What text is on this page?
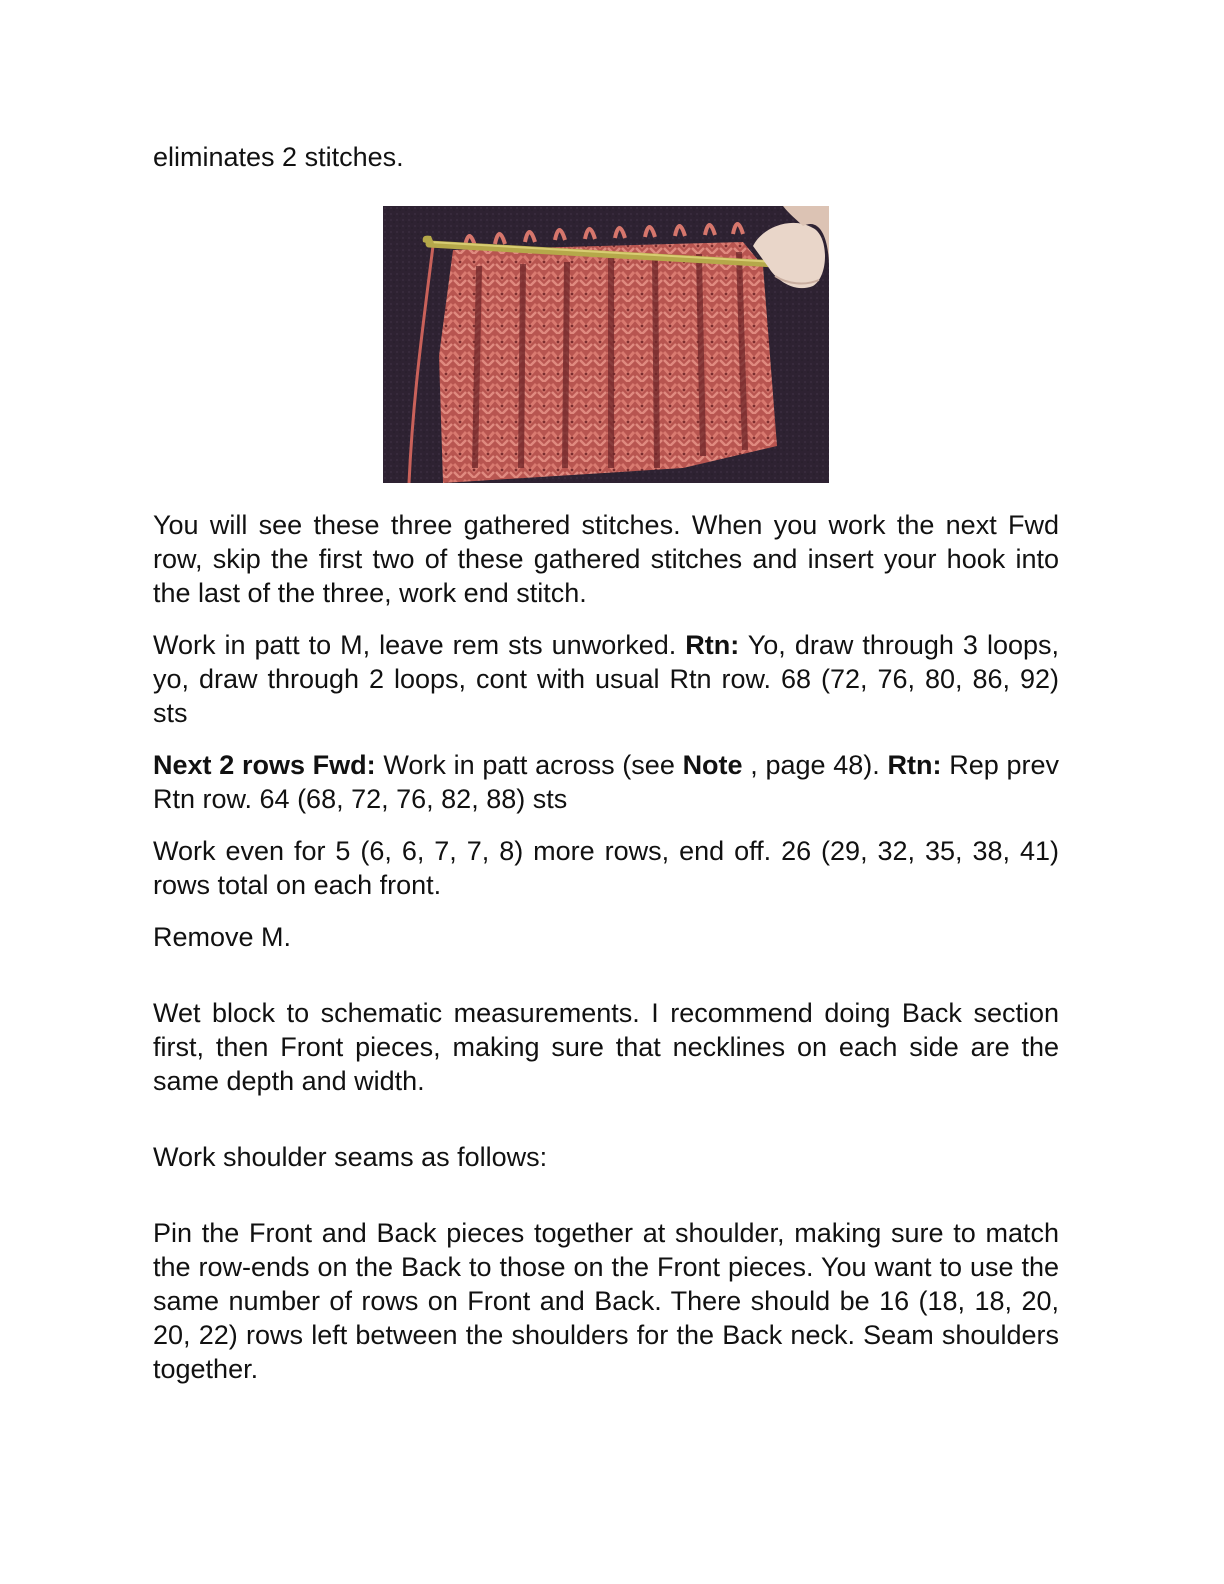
eliminates 2 stitches.

You will see these three gathered stitches. When you work the next Fwd row, skip the first two of these gathered stitches and insert your hook into the last of the three, work end stitch.

Work in patt to M, leave rem sts unworked. Rtn: Yo, draw through 3 loops, yo, draw through 2 loops, cont with usual Rtn row. 68 (72, 76, 80, 86, 92) sts

Next 2 rows Fwd: Work in patt across (see Note , page 48). Rtn: Rep prev Rtn row. 64 (68, 72, 76, 82, 88) sts

Work even for 5 (6, 6, 7, 7, 8) more rows, end off. 26 (29, 32, 35, 38, 41) rows total on each front.

Remove M.

Wet block to schematic measurements. I recommend doing Back section first, then Front pieces, making sure that necklines on each side are the same depth and width.

Work shoulder seams as follows:

Pin the Front and Back pieces together at shoulder, making sure to match the row-ends on the Back to those on the Front pieces. You want to use the same number of rows on Front and Back. There should be 16 (18, 18, 20, 20, 22) rows left between the shoulders for the Back neck. Seam shoulders together.
